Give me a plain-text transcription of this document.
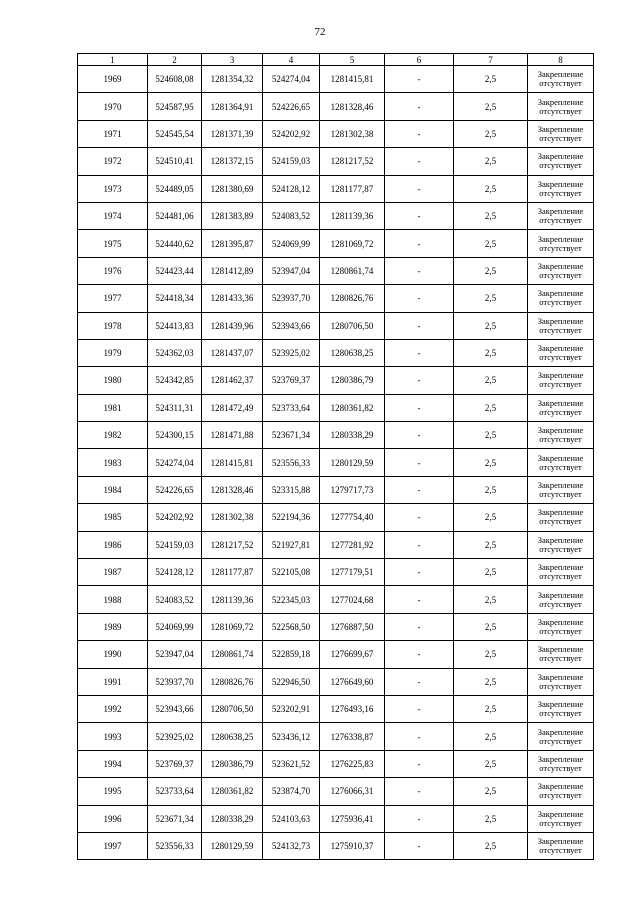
72
1	2	3	4	5	6	7	8
1969	524608,08	1281354,32	524274,04	1281415,81	-	2,5	Закрепление отсутствует
1970	524587,95	1281364,91	524226,65	1281328,46	-	2,5	Закрепление отсутствует
1971	524545,54	1281371,39	524202,92	1281302,38	-	2,5	Закрепление отсутствует
1972	524510,41	1281372,15	524159,03	1281217,52	-	2,5	Закрепление отсутствует
1973	524489,05	1281380,69	524128,12	1281177,87	-	2,5	Закрепление отсутствует
1974	524481,06	1281383,89	524083,52	1281139,36	-	2,5	Закрепление отсутствует
1975	524440,62	1281395,87	524069,99	1281069,72	-	2,5	Закрепление отсутствует
1976	524423,44	1281412,89	523947,04	1280861,74	-	2,5	Закрепление отсутствует
1977	524418,34	1281433,36	523937,70	1280826,76	-	2,5	Закрепление отсутствует
1978	524413,83	1281439,96	523943,66	1280706,50	-	2,5	Закрепление отсутствует
1979	524362,03	1281437,07	523925,02	1280638,25	-	2,5	Закрепление отсутствует
1980	524342,85	1281462,37	523769,37	1280386,79	-	2,5	Закрепление отсутствует
1981	524311,31	1281472,49	523733,64	1280361,82	-	2,5	Закрепление отсутствует
1982	524300,15	1281471,88	523671,34	1280338,29	-	2,5	Закрепление отсутствует
1983	524274,04	1281415,81	523556,33	1280129,59	-	2,5	Закрепление отсутствует
1984	524226,65	1281328,46	523315,88	1279717,73	-	2,5	Закрепление отсутствует
1985	524202,92	1281302,38	522194,36	1277754,40	-	2,5	Закрепление отсутствует
1986	524159,03	1281217,52	521927,81	1277281,92	-	2,5	Закрепление отсутствует
1987	524128,12	1281177,87	522105,08	1277179,51	-	2,5	Закрепление отсутствует
1988	524083,52	1281139,36	522345,03	1277024,68	-	2,5	Закрепление отсутствует
1989	524069,99	1281069,72	522568,50	1276887,50	-	2,5	Закрепление отсутствует
1990	523947,04	1280861,74	522859,18	1276699,67	-	2,5	Закрепление отсутствует
1991	523937,70	1280826,76	522946,50	1276649,60	-	2,5	Закрепление отсутствует
1992	523943,66	1280706,50	523202,91	1276493,16	-	2,5	Закрепление отсутствует
1993	523925,02	1280638,25	523436,12	1276338,87	-	2,5	Закрепление отсутствует
1994	523769,37	1280386,79	523621,52	1276225,83	-	2,5	Закрепление отсутствует
1995	523733,64	1280361,82	523874,70	1276066,31	-	2,5	Закрепление отсутствует
1996	523671,34	1280338,29	524103,63	1275936,41	-	2,5	Закрепление отсутствует
1997	523556,33	1280129,59	524132,73	1275910,37	-	2,5	Закрепление отсутствует
